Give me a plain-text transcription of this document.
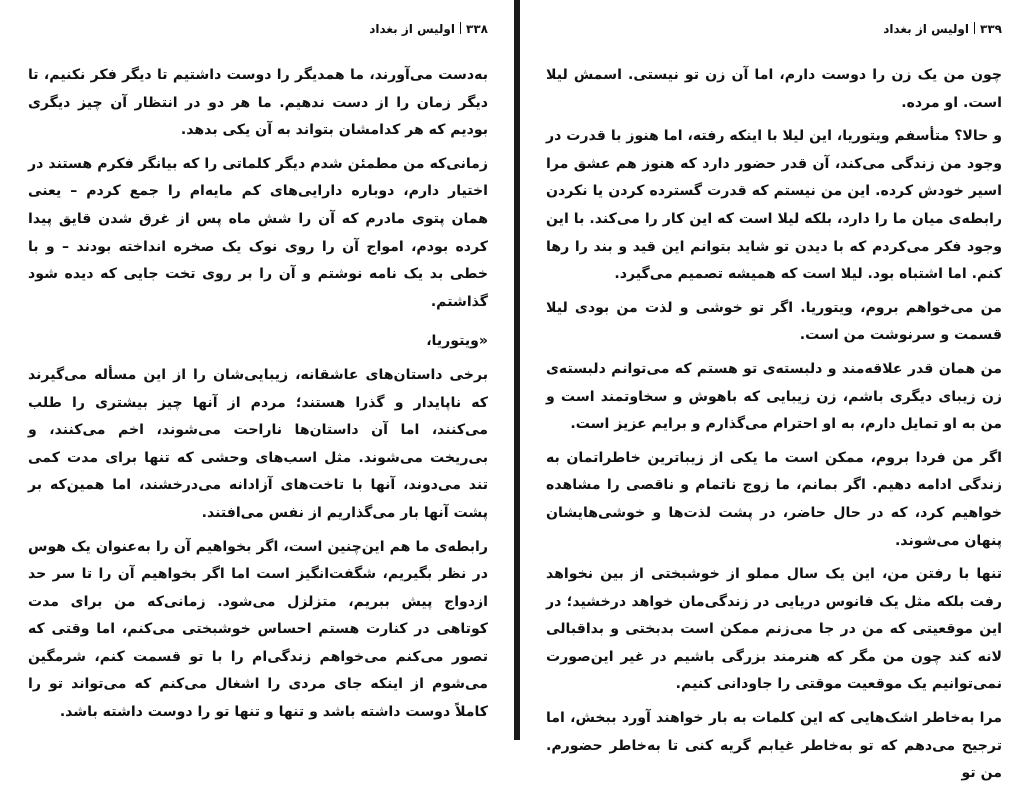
۳۳۸اولیس از بغداد

به‌دست می‌آورند، ما همدیگر را دوست داشتیم تا دیگر فکر نکنیم، تا دیگر زمان را از دست ندهیم. ما هر دو در انتظار آن چیز دیگری بودیم که هر کدامشان بتواند به آن یکی بدهد.

زمانی‌که من مطمئن شدم دیگر کلماتی را که بیانگر فکرم هستند در اختیار دارم، دوباره دارایی‌های کم مایه‌ام را جمع کردم – یعنی همان پتوی مادرم که آن را شش ماه پس از غرق شدن قایق پیدا کرده بودم، امواج آن را روی نوک یک صخره انداخته بودند – و با خطی بد یک نامه نوشتم و آن را بر روی تخت جایی که دیده شود گذاشتم.

«ویتوریا،

برخی داستان‌های عاشقانه، زیبایی‌شان را از این مسأله می‌گیرند که ناپایدار و گذرا هستند؛ مردم از آنها چیز بیشتری را طلب می‌کنند، اما آن داستان‌ها ناراحت می‌شوند، اخم می‌کنند، و بی‌ریخت می‌شوند. مثل اسب‌های وحشی که تنها برای مدت کمی تند می‌دوند، آنها با تاخت‌های آزادانه می‌درخشند، اما همین‌که بر پشت آنها بار می‌گذاریم از نفس می‌افتند.

رابطه‌ی ما هم این‌چنین است، اگر بخواهیم آن را به‌عنوان یک هوس در نظر بگیریم، شگفت‌انگیز است اما اگر بخواهیم آن را تا سر حد ازدواج پیش ببریم، متزلزل می‌شود. زمانی‌که من برای مدت کوتاهی در کنارت هستم احساس خوشبختی می‌کنم، اما وقتی که تصور می‌کنم می‌خواهم زندگی‌ام را با تو قسمت کنم، شرمگین می‌شوم از اینکه جای مردی را اشغال می‌کنم که می‌تواند تو را کاملاً دوست داشته باشد و تنها و تنها تو را دوست داشته باشد.

۳۳۹اولیس از بغداد

چون من یک زن را دوست دارم، اما آن زن تو نیستی. اسمش لیلا است. او مرده.

و حالا؟ متأسفم ویتوریا، این لیلا با اینکه رفته، اما هنوز با قدرت در وجود من زندگی می‌کند، آن قدر حضور دارد که هنوز هم عشق مرا اسیر خودش کرده. این من نیستم که قدرت گسترده کردن یا نکردن رابطه‌ی میان ما را دارد، بلکه لیلا است که این کار را می‌کند. با این وجود فکر می‌کردم که با دیدن تو شاید بتوانم این قید و بند را رها کنم. اما اشتباه بود. لیلا است که همیشه تصمیم می‌گیرد.

من می‌خواهم بروم، ویتوریا. اگر تو خوشی و لذت من بودی لیلا قسمت و سرنوشت من است.

من همان قدر علاقه‌مند و دلبسته‌ی تو هستم که می‌توانم دلبسته‌ی زن زیبای دیگری باشم، زن زیبایی که باهوش و سخاوتمند است و من به او تمایل دارم، به او احترام می‌گذارم و برایم عزیز است.

اگر من فردا بروم، ممکن است ما یکی از زیباترین خاطراتمان به زندگی ادامه دهیم. اگر بمانم، ما زوج ناتمام و ناقصی را مشاهده خواهیم کرد، که در حال حاضر، در پشت لذت‌ها و خوشی‌هایشان پنهان می‌شوند.

تنها با رفتن من، این یک سال مملو از خوشبختی از بین نخواهد رفت بلکه مثل یک فانوس دریایی در زندگی‌مان خواهد درخشید؛ در این موقعیتی که من در جا می‌زنم ممکن است بدبختی و بداقبالی لانه کند چون من مگر که هنرمند بزرگی باشیم در غیر این‌صورت نمی‌توانیم یک موقعیت موقتی را جاودانی کنیم.

مرا به‌خاطر اشک‌هایی که این کلمات به بار خواهند آورد ببخش، اما ترجیح می‌دهم که تو به‌خاطر غیابم گریه کنی تا به‌خاطر حضورم. من تو
